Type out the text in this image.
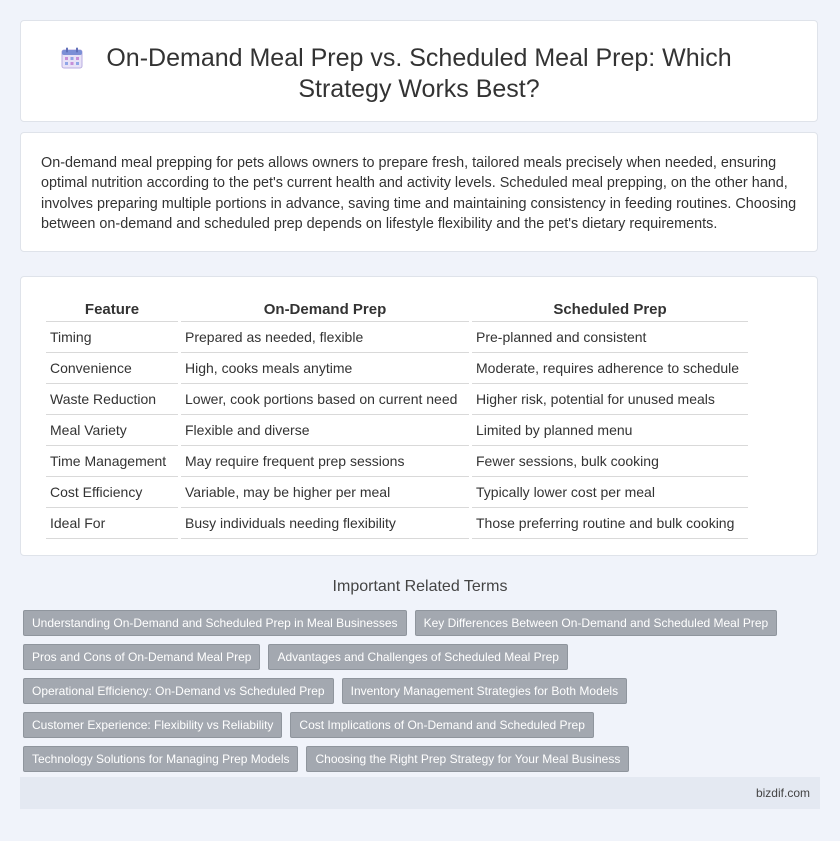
On-Demand Meal Prep vs. Scheduled Meal Prep: Which Strategy Works Best?

On-demand meal prepping for pets allows owners to prepare fresh, tailored meals precisely when needed, ensuring optimal nutrition according to the pet's current health and activity levels. Scheduled meal prepping, on the other hand, involves preparing multiple portions in advance, saving time and maintaining consistency in feeding routines. Choosing between on-demand and scheduled prep depends on lifestyle flexibility and the pet's dietary requirements.

Feature	On-Demand Prep	Scheduled Prep
Timing	Prepared as needed, flexible	Pre-planned and consistent
Convenience	High, cooks meals anytime	Moderate, requires adherence to schedule
Waste Reduction	Lower, cook portions based on current need	Higher risk, potential for unused meals
Meal Variety	Flexible and diverse	Limited by planned menu
Time Management	May require frequent prep sessions	Fewer sessions, bulk cooking
Cost Efficiency	Variable, may be higher per meal	Typically lower cost per meal
Ideal For	Busy individuals needing flexibility	Those preferring routine and bulk cooking
Important Related Terms
Understanding On-Demand and Scheduled Prep in Meal Businesses	Key Differences Between On-Demand and Scheduled Meal Prep
Pros and Cons of On-Demand Meal Prep	Advantages and Challenges of Scheduled Meal Prep
Operational Efficiency: On-Demand vs Scheduled Prep	Inventory Management Strategies for Both Models
Customer Experience: Flexibility vs Reliability	Cost Implications of On-Demand and Scheduled Prep
Technology Solutions for Managing Prep Models	Choosing the Right Prep Strategy for Your Meal Business
bizdif.com
